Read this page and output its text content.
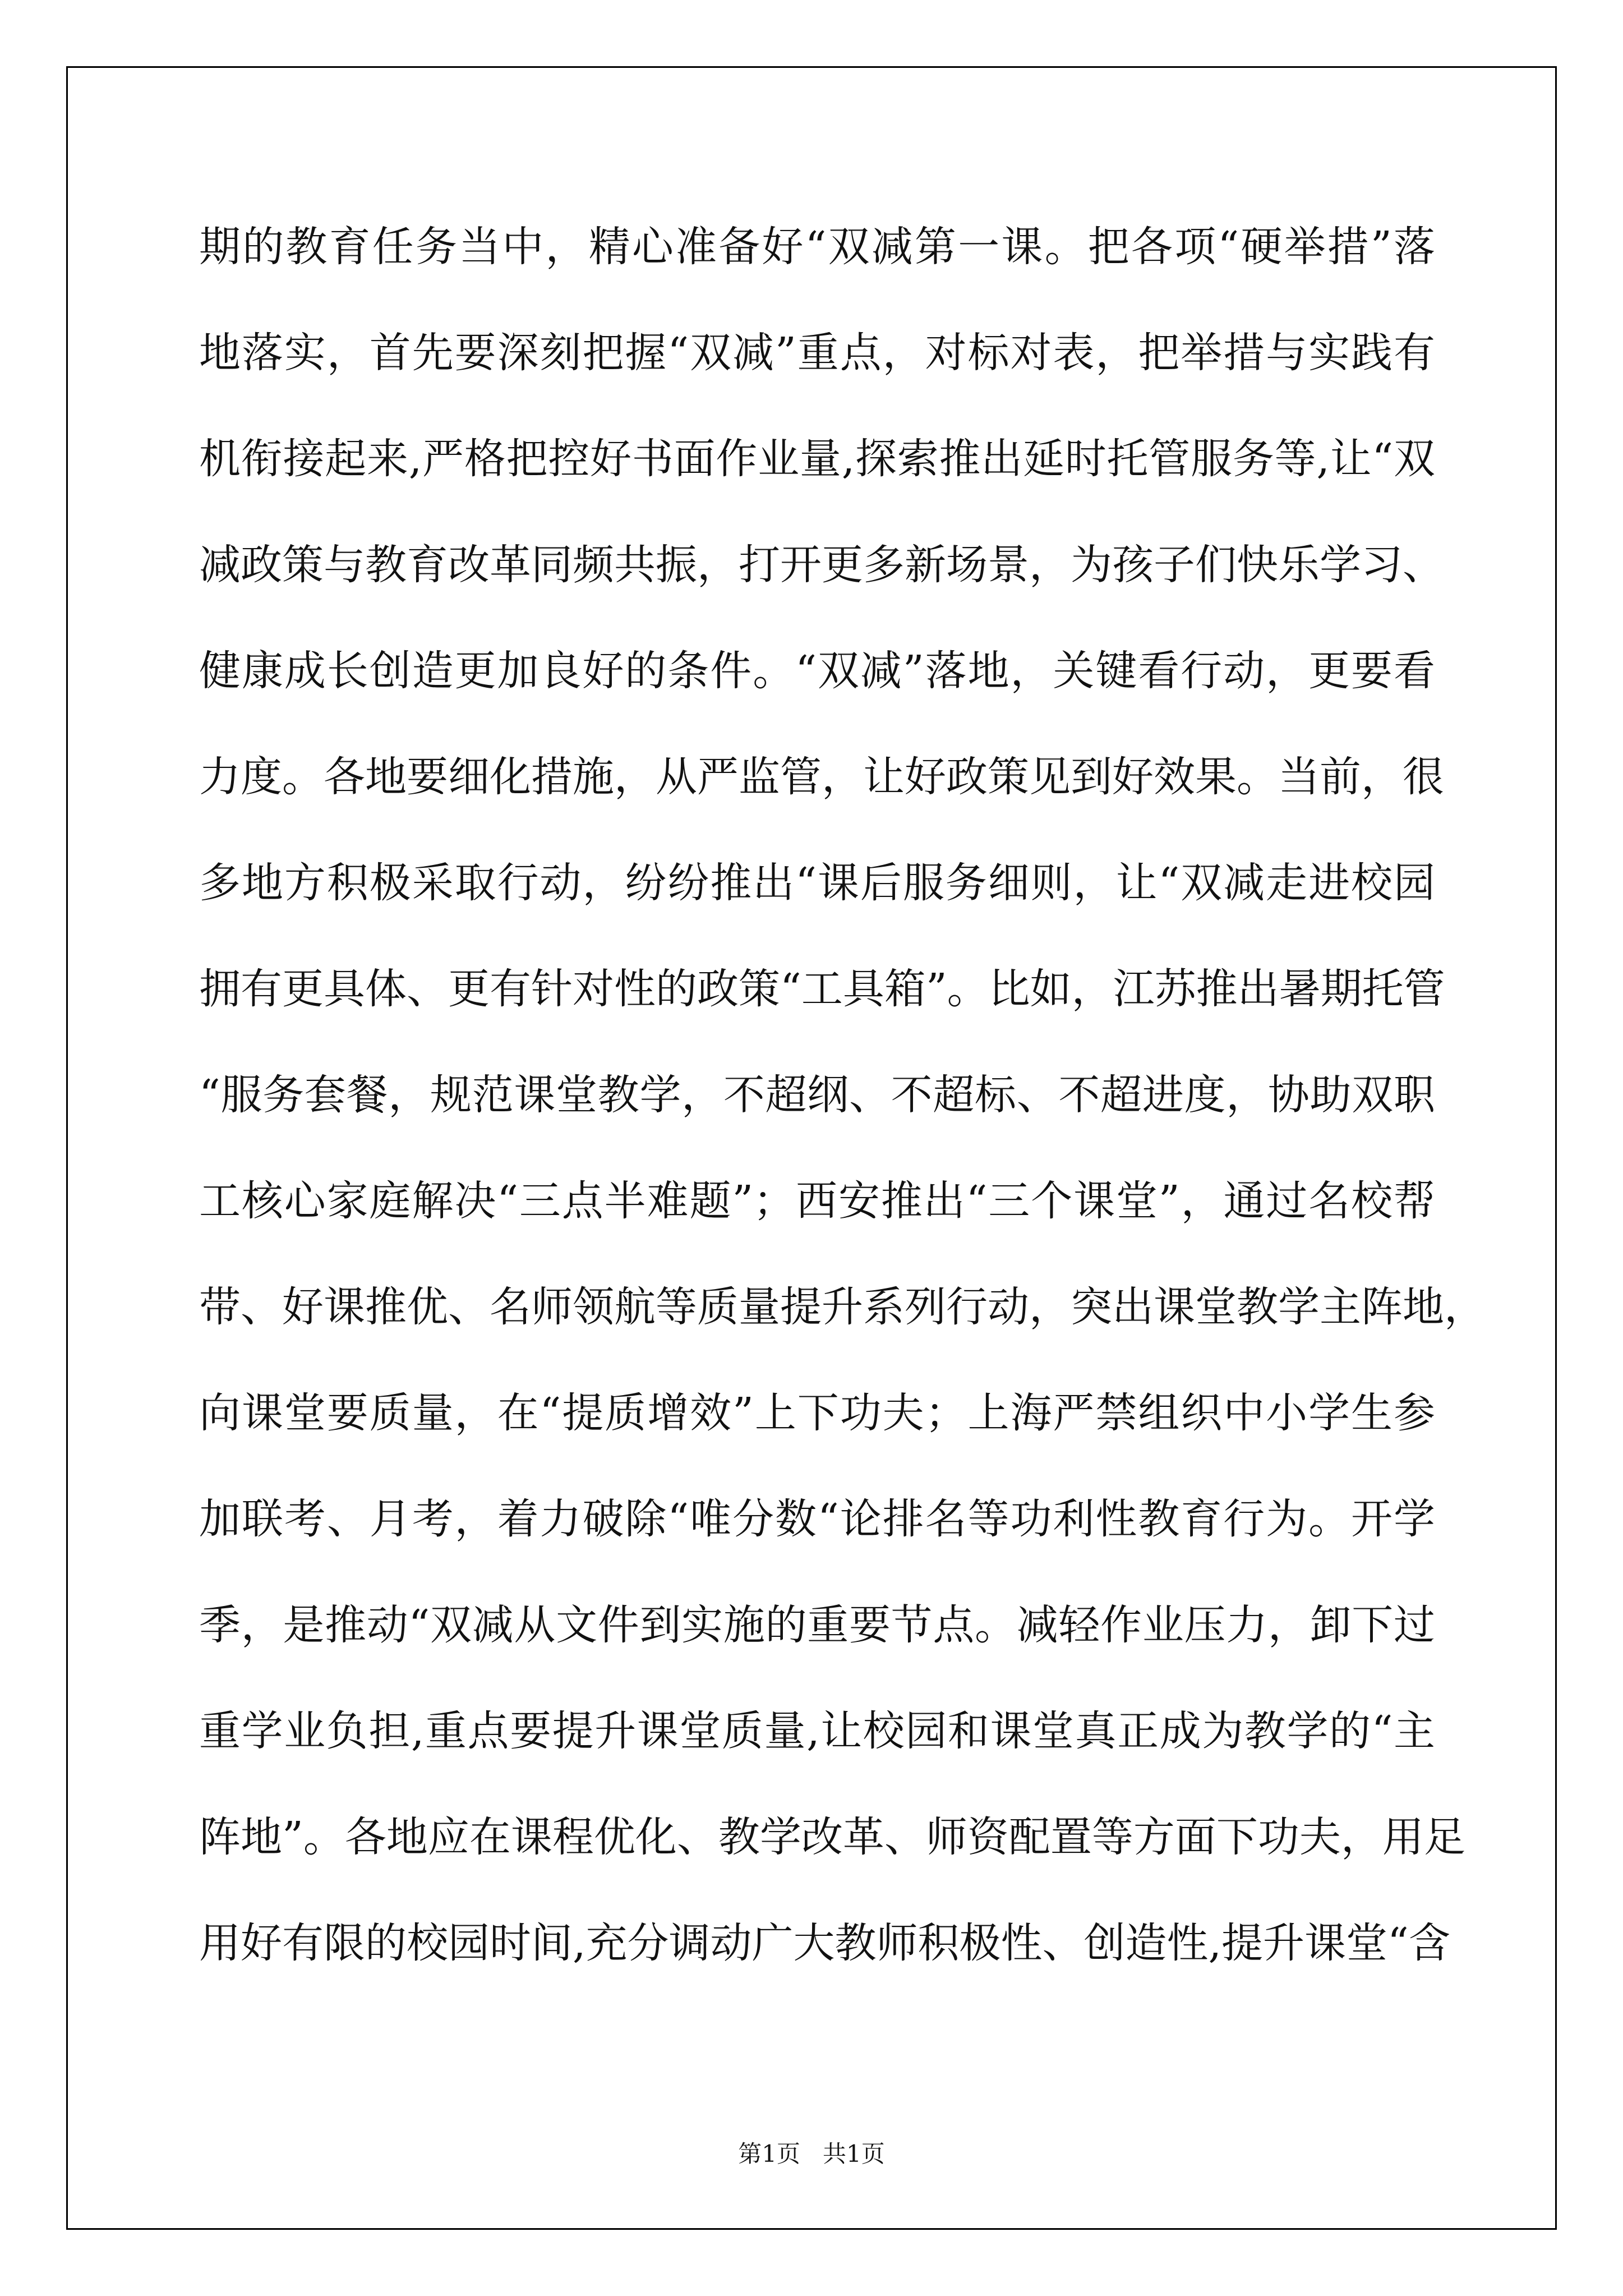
期的教育任务当中，精心准备好“双减第一课。把各项“硬举措”落
地落实，首先要深刻把握“双减”重点，对标对表，把举措与实践有
机衔接起来,严格把控好书面作业量,探索推出延时托管服务等,让“双
减政策与教育改革同频共振，打开更多新场景，为孩子们快乐学习、
健康成长创造更加良好的条件。“双减”落地，关键看行动，更要看
力度。各地要细化措施，从严监管，让好政策见到好效果。当前，很
多地方积极采取行动，纷纷推出“课后服务细则，让“双减走进校园
拥有更具体、更有针对性的政策“工具箱”。比如，江苏推出暑期托管
“服务套餐，规范课堂教学，不超纲、不超标、不超进度，协助双职
工核心家庭解决“三点半难题”；西安推出“三个课堂”，通过名校帮
带、好课推优、名师领航等质量提升系列行动，突出课堂教学主阵地，
向课堂要质量，在“提质增效”上下功夫；上海严禁组织中小学生参
加联考、月考，着力破除“唯分数“论排名等功利性教育行为。开学
季，是推动“双减从文件到实施的重要节点。减轻作业压力，卸下过
重学业负担,重点要提升课堂质量,让校园和课堂真正成为教学的“主
阵地”。各地应在课程优化、教学改革、师资配置等方面下功夫，用足
用好有限的校园时间,充分调动广大教师积极性、创造性,提升课堂“含
第1页   共1页
